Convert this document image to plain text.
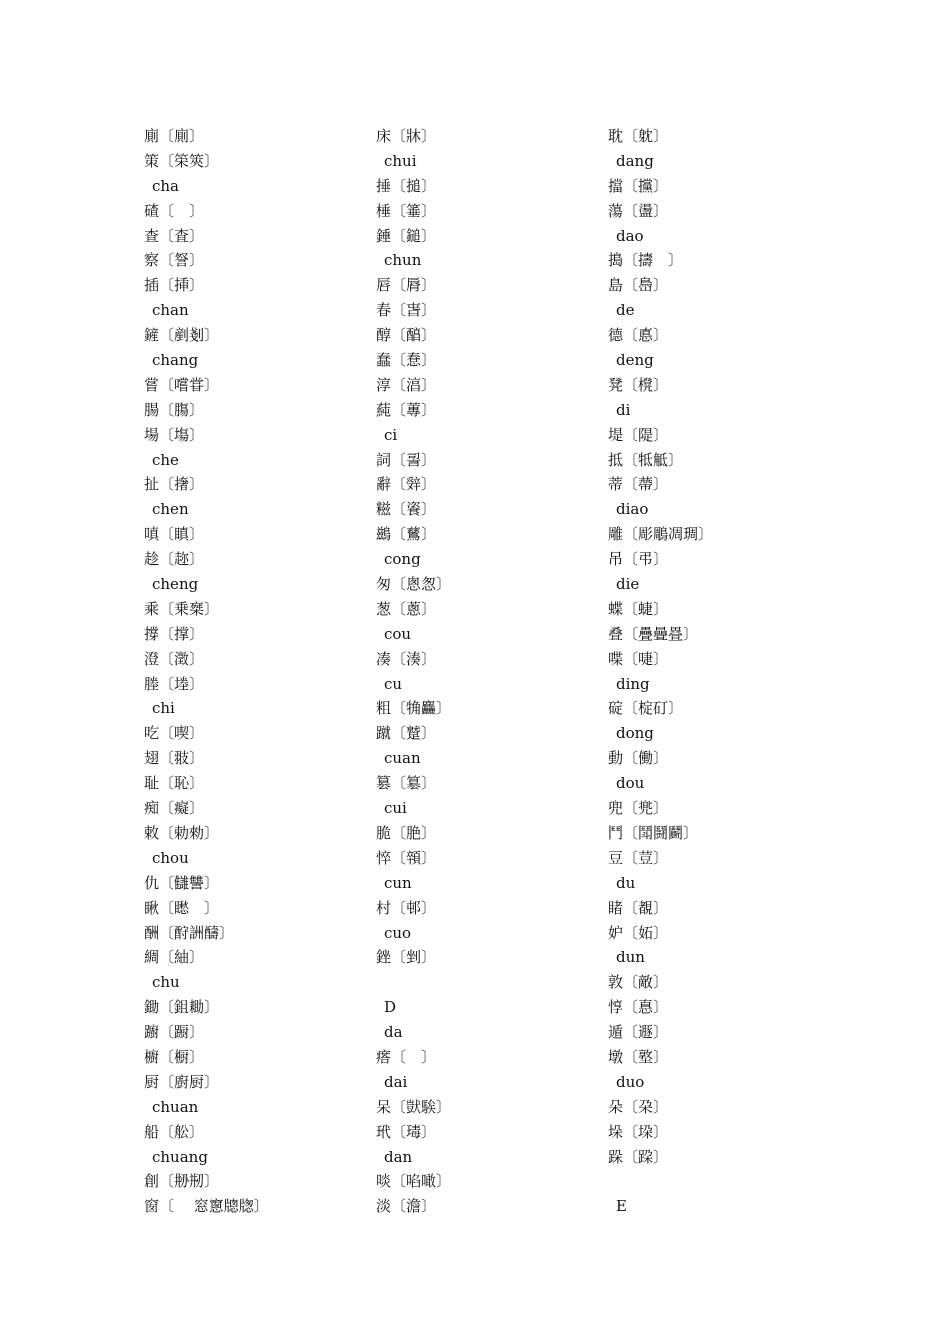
廁〔廁〕
策〔筞筴〕
cha
碴〔　〕
查〔査〕
察〔詧〕
插〔挿〕
chan
鏟〔剷剗〕
chang
嘗〔嚐甞〕
腸〔膓〕
場〔塲〕
che
扯〔撦〕
chen
嗔〔瞋〕
趁〔趂〕
cheng
乘〔乗椉〕
撐〔撑〕
澄〔澂〕
塍〔堘〕
chi
吃〔喫〕
翅〔翄〕
耻〔恥〕
痴〔癡〕
敕〔勅勑〕
chou
仇〔讎讐〕
瞅〔矁　〕
酬〔酧詶醻〕
綢〔紬〕
chu
鋤〔鉏耡〕
躕〔蹰〕
櫥〔橱〕
厨〔廚厨〕
chuan
船〔舩〕
chuang
創〔刱剏〕
窗〔　 窓窻牕牎〕
床〔牀〕
chui
捶〔搥〕
棰〔箠〕
錘〔鎚〕
chun
唇〔脣〕
春〔旾〕
醇〔醕〕
蠢〔惷〕
淳〔湻〕
蒓〔蓴〕
ci
詞〔䛐〕
辭〔辤〕
糍〔餈〕
鷀〔鶿〕
cong
匆〔悤怱〕
葱〔蔥〕
cou
凑〔湊〕
cu
粗〔觕麤〕
蹴〔蹵〕
cuan
篡〔簒〕
cui
脆〔脃〕
悴〔顇〕
cun
村〔邨〕
cuo
銼〔剉〕
D
da
瘩〔　〕
dai
呆〔獃騃〕
玳〔瑇〕
dan
啖〔啗噉〕
淡〔澹〕
耽〔躭〕
dang
擋〔攩〕
蕩〔盪〕
dao
搗〔擣　〕
島〔㠀〕
de
德〔悳〕
deng
凳〔櫈〕
di
堤〔隄〕
抵〔牴觝〕
蒂〔蔕〕
diao
雕〔彫鵰凋琱〕
吊〔弔〕
die
蝶〔蜨〕
叠〔疊曡疂〕
喋〔啑〕
ding
碇〔椗矴〕
dong
動〔働〕
dou
兜〔兠〕
鬥〔鬦鬪鬬〕
豆〔荳〕
du
睹〔覩〕
妒〔妬〕
dun
敦〔敵〕
惇〔惪〕
遁〔遯〕
墩〔墪〕
duo
朵〔朶〕
垛〔垜〕
跺〔跥〕
E
